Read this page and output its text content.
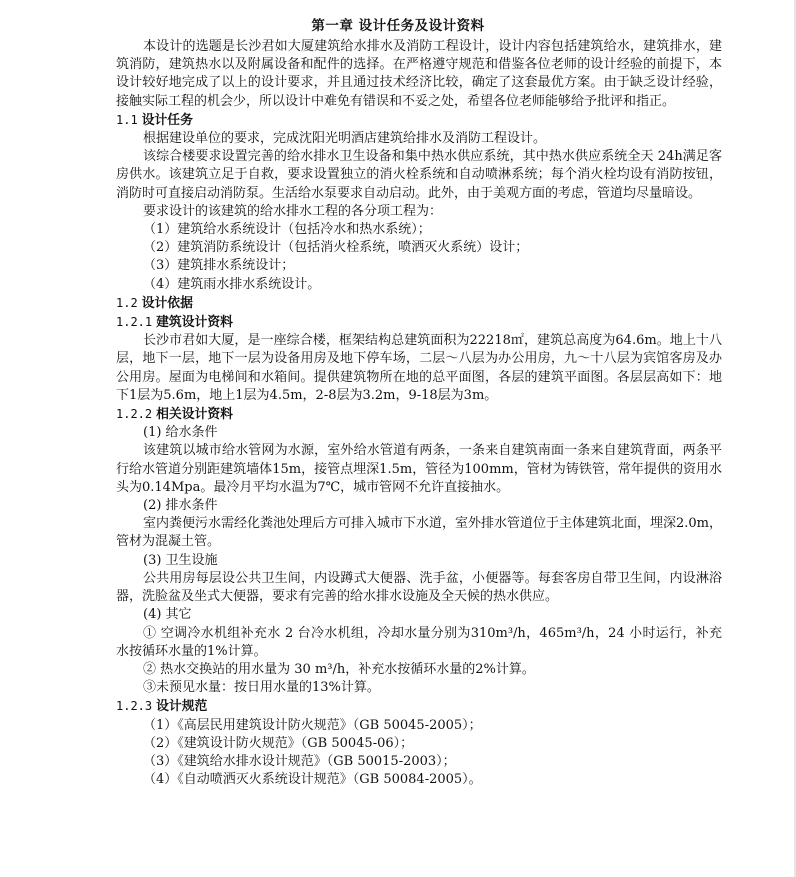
第一章 设计任务及设计资料

本设计的选题是长沙君如大厦建筑给水排水及消防工程设计，设计内容包括建筑给水，建筑排水，建筑消防，建筑热水以及附属设备和配件的选择。在严格遵守规范和借鉴各位老师的设计经验的前提下，本设计较好地完成了以上的设计要求，并且通过技术经济比较，确定了这套最优方案。由于缺乏设计经验，接触实际工程的机会少，所以设计中难免有错误和不妥之处，希望各位老师能够给予批评和指正。

1.1 设计任务

根据建设单位的要求，完成沈阳光明酒店建筑给排水及消防工程设计。

该综合楼要求设置完善的给水排水卫生设备和集中热水供应系统，其中热水供应系统全天 24h满足客房供水。该建筑立足于自救，要求设置独立的消火栓系统和自动喷淋系统；每个消火栓均设有消防按钮，消防时可直接启动消防泵。生活给水泵要求自动启动。此外，由于美观方面的考虑，管道均尽量暗设。

要求设计的该建筑的给水排水工程的各分项工程为：

（1）建筑给水系统设计（包括冷水和热水系统）；

（2）建筑消防系统设计（包括消火栓系统，喷洒灭火系统）设计；

（3）建筑排水系统设计；

（4）建筑雨水排水系统设计。

1.2 设计依据

1.2.1 建筑设计资料

长沙市君如大厦，是一座综合楼，框架结构总建筑面积为22218㎡，建筑总高度为64.6m。地上十八层，地下一层，地下一层为设备用房及地下停车场，二层～八层为办公用房，九～十八层为宾馆客房及办公用房。屋面为电梯间和水箱间。提供建筑物所在地的总平面图，各层的建筑平面图。各层层高如下：地下1层为5.6m，地上1层为4.5m，2-8层为3.2m，9-18层为3m。

1.2.2 相关设计资料

(1) 给水条件

该建筑以城市给水管网为水源，室外给水管道有两条，一条来自建筑南面一条来自建筑背面，两条平行给水管道分别距建筑墙体15m，接管点埋深1.5m，管径为100mm，管材为铸铁管，常年提供的资用水头为0.14Mpa。最冷月平均水温为7℃，城市管网不允许直接抽水。

(2) 排水条件

室内粪便污水需经化粪池处理后方可排入城市下水道，室外排水管道位于主体建筑北面，埋深2.0m，管材为混凝土管。

(3) 卫生设施

公共用房每层设公共卫生间，内设蹲式大便器、洗手盆，小便器等。每套客房自带卫生间，内设淋浴器，洗脸盆及坐式大便器，要求有完善的给水排水设施及全天候的热水供应。

(4) 其它

① 空调冷水机组补充水 2 台冷水机组，冷却水量分别为310m³/h，465m³/h，24 小时运行，补充水按循环水量的1%计算。

② 热水交换站的用水量为 30 m³/h，补充水按循环水量的2%计算。

③未预见水量：按日用水量的13%计算。

1.2.3 设计规范

（1）《高层民用建筑设计防火规范》（GB 50045-2005）；

（2）《建筑设计防火规范》（GB 50045-06）；

（3）《建筑给水排水设计规范》（GB 50015-2003）；

（4）《自动喷洒灭火系统设计规范》（GB 50084-2005）。
